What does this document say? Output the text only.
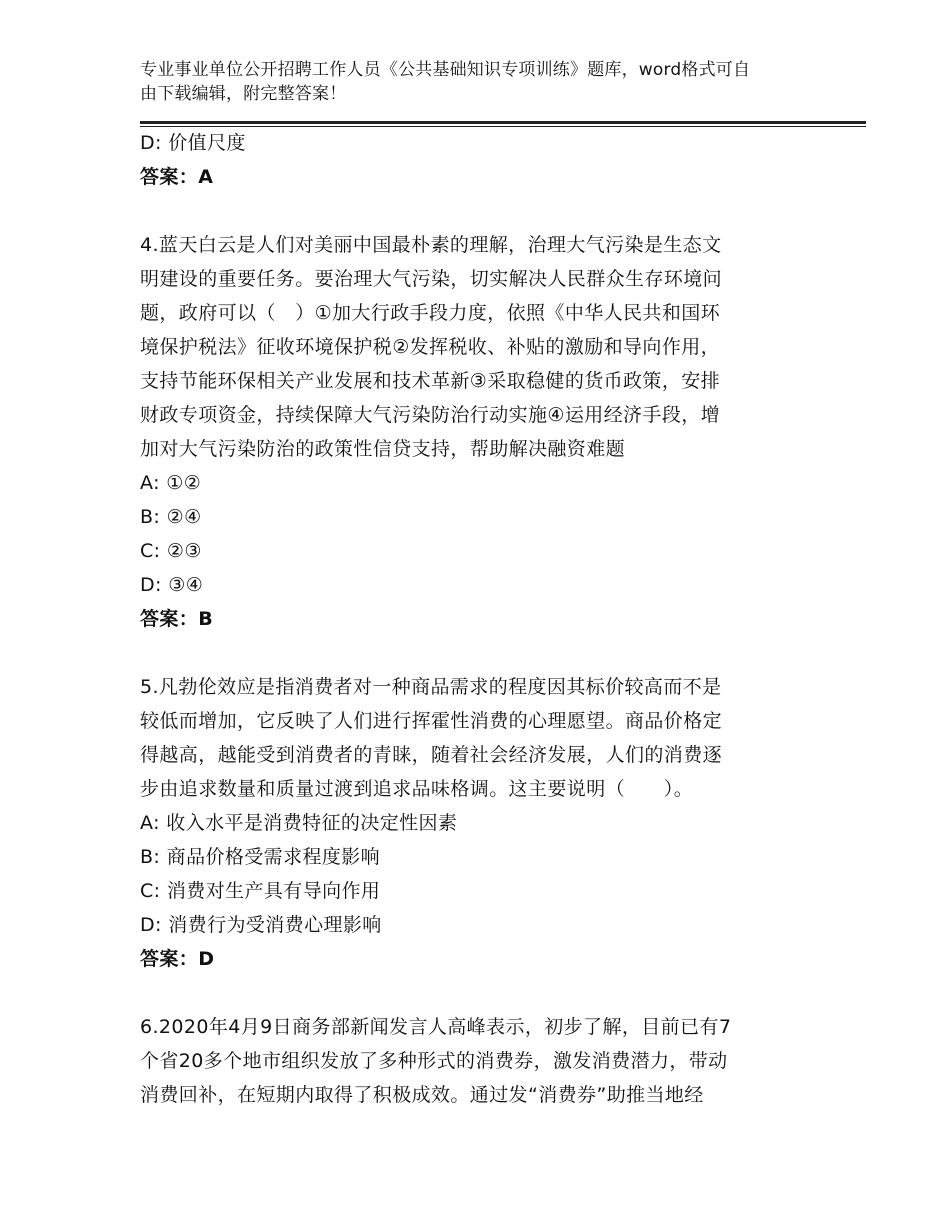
专业事业单位公开招聘工作人员《公共基础知识专项训练》题库，word格式可自
由下载编辑，附完整答案！
D: 价值尺度
答案：A
4.蓝天白云是人们对美丽中国最朴素的理解，治理大气污染是生态文
明建设的重要任务。要治理大气污染，切实解决人民群众生存环境问
题，政府可以（　）①加大行政手段力度，依照《中华人民共和国环
境保护税法》征收环境保护税②发挥税收、补贴的激励和导向作用，
支持节能环保相关产业发展和技术革新③采取稳健的货币政策，安排
财政专项资金，持续保障大气污染防治行动实施④运用经济手段，增
加对大气污染防治的政策性信贷支持，帮助解决融资难题
A: ①②
B: ②④
C: ②③
D: ③④
答案：B
5.凡勃伦效应是指消费者对一种商品需求的程度因其标价较高而不是
较低而增加，它反映了人们进行挥霍性消费的心理愿望。商品价格定
得越高，越能受到消费者的青睐，随着社会经济发展，人们的消费逐
步由追求数量和质量过渡到追求品味格调。这主要说明（　　）。
A: 收入水平是消费特征的决定性因素
B: 商品价格受需求程度影响
C: 消费对生产具有导向作用
D: 消费行为受消费心理影响
答案：D
6.2020年4月9日商务部新闻发言人高峰表示，初步了解，目前已有7
个省20多个地市组织发放了多种形式的消费券，激发消费潜力，带动
消费回补，在短期内取得了积极成效。通过发“消费券”助推当地经
